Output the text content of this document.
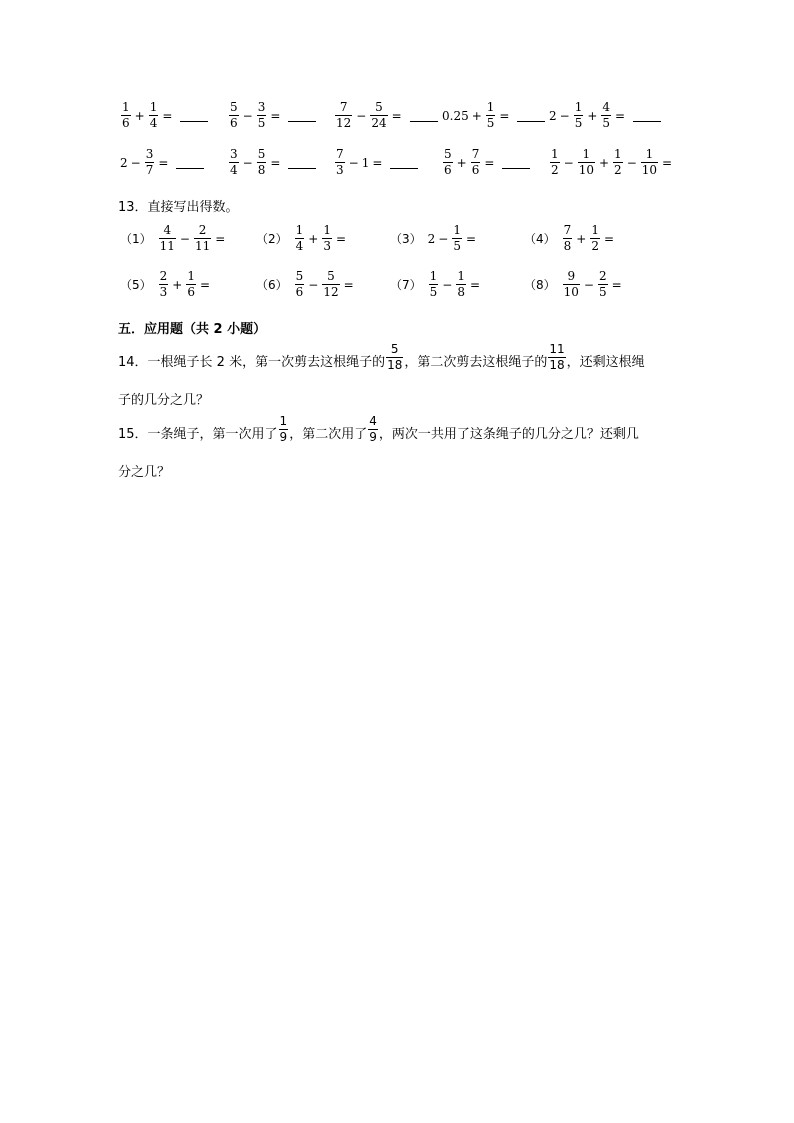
$\frac{1}{6} + \frac{1}{4}$ =	$\frac{5}{6} - \frac{3}{5}$ =	$\frac{7}{12} - \frac{5}{24}$ =	$0.25 + \frac{1}{5}$ =	$2 - \frac{1}{5} + \frac{4}{5}$ =
$2 - \frac{3}{7}$ =	$\frac{3}{4} - \frac{5}{8}$ =	$\frac{7}{3} - 1$ =	$\frac{5}{6} + \frac{7}{6}$ =	$\frac{1}{2} - \frac{1}{10} + \frac{1}{2} - \frac{1}{10}$ =
13．直接写出得数。
$(1) \frac{4}{11} - \frac{2}{11}$ =	$(2) \frac{1}{4} + \frac{1}{3}$ =	（3） $2 - \frac{1}{5}$ =	$(4) \frac{7}{8} + \frac{1}{2}$ =
$(5) \frac{2}{3} + \frac{1}{6}$ =	$(6) \frac{5}{6} - \frac{5}{12}$ =	$(7) \frac{1}{5} - \frac{1}{8}$ =	$(8) \frac{9}{10} - \frac{2}{5}$ =
五．应用题（共 2 小题）
14．一根绳子长 2 米，第一次剪去这根绳子的 $\frac{5}{18}$ ，第二次剪去这根绳子的 $\frac{11}{18}$ ，还剩这根绳
子的几分之几？
15．一条绳子，第一次用了 $\frac{1}{9}$ ，第二次用了 $\frac{4}{9}$ ，两次一共用了这条绳子的几分之几？还剩几
分之几？
